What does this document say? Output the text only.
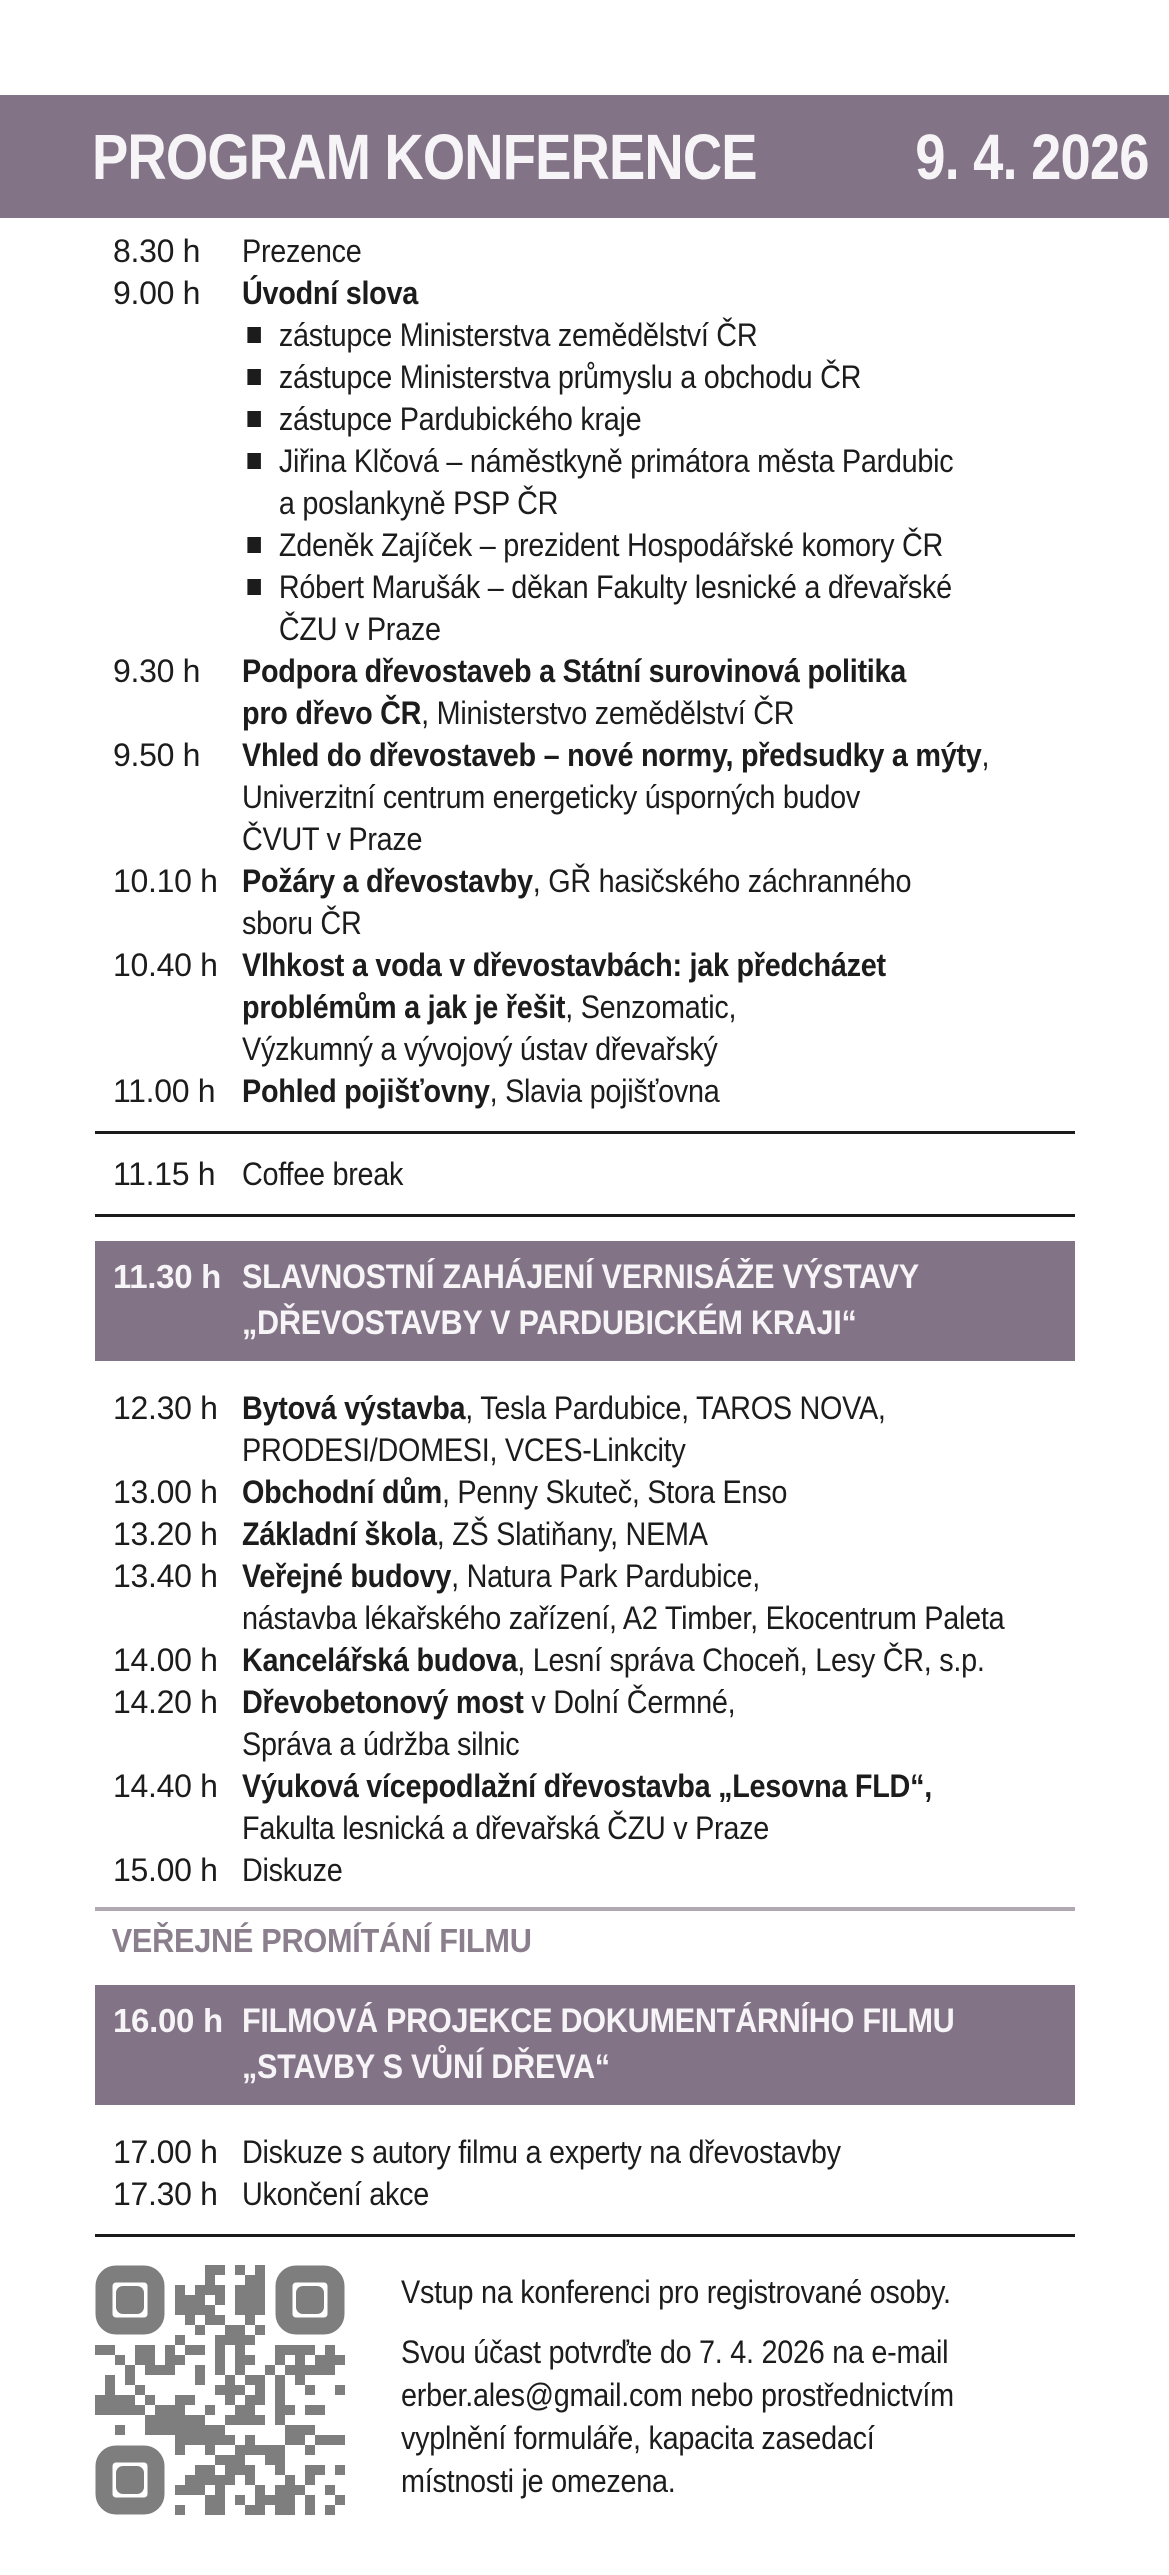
PROGRAM KONFERENCE 9. 4. 2026
8.30 h	Prezence
9.00 h	Úvodní slova
zástupce Ministerstva zemědělství ČR
zástupce Ministerstva průmyslu a obchodu ČR
zástupce Pardubického kraje
Jiřina Klčová – náměstkyně primátora města Pardubic
a poslankyně PSP ČR
Zdeněk Zajíček – prezident Hospodářské komory ČR
Róbert Marušák – děkan Fakulty lesnické a dřevařské
ČZU v Praze
9.30 h	Podpora dřevostaveb a Státní surovinová politika
pro dřevo ČR, Ministerstvo zemědělství ČR
9.50 h	Vhled do dřevostaveb – nové normy, předsudky a mýty,
Univerzitní centrum energeticky úsporných budov
ČVUT v Praze
10.10 h Požáry a dřevostavby, GŘ hasičského záchranného
sboru ČR
10.40 h Vlhkost a voda v dřevostavbách: jak předcházet
problémům a jak je řešit, Senzomatic,
Výzkumný a vývojový ústav dřevařský
11.00 h Pohled pojišťovny, Slavia pojišťovna
11.15 h Coffee break
11.30 h SLAVNOSTNÍ ZAHÁJENÍ VERNISÁŽE VÝSTAVY
„DŘEVOSTAVBY V PARDUBICKÉM KRAJI“
12.30 h Bytová výstavba, Tesla Pardubice, TAROS NOVA,
PRODESI/DOMESI, VCES-Linkcity
13.00 h Obchodní dům, Penny Skuteč, Stora Enso
13.20 h Základní škola, ZŠ Slatiňany, NEMA
13.40 h Veřejné budovy, Natura Park Pardubice,
nástavba lékařského zařízení, A2 Timber, Ekocentrum Paleta
14.00 h Kancelářská budova, Lesní správa Choceň, Lesy ČR, s.p.
14.20 h Dřevobetonový most v Dolní Čermné,
Správa a údržba silnic
14.40 h Výuková vícepodlažní dřevostavba „Lesovna FLD“,
Fakulta lesnická a dřevařská ČZU v Praze
15.00 h Diskuze
VEŘEJNÉ PROMÍTÁNÍ FILMU
16.00 h FILMOVÁ PROJEKCE DOKUMENTÁRNÍHO FILMU
„STAVBY S VŮNÍ DŘEVA“
17.00 h Diskuze s autory filmu a experty na dřevostavby
17.30 h Ukončení akce

Vstup na konferenci pro registrované osoby.

Svou účast potvrďte do 7. 4. 2026 na e-mail
erber.ales@gmail.com nebo prostřednictvím
vyplnění formuláře, kapacita zasedací
místnosti je omezena.
